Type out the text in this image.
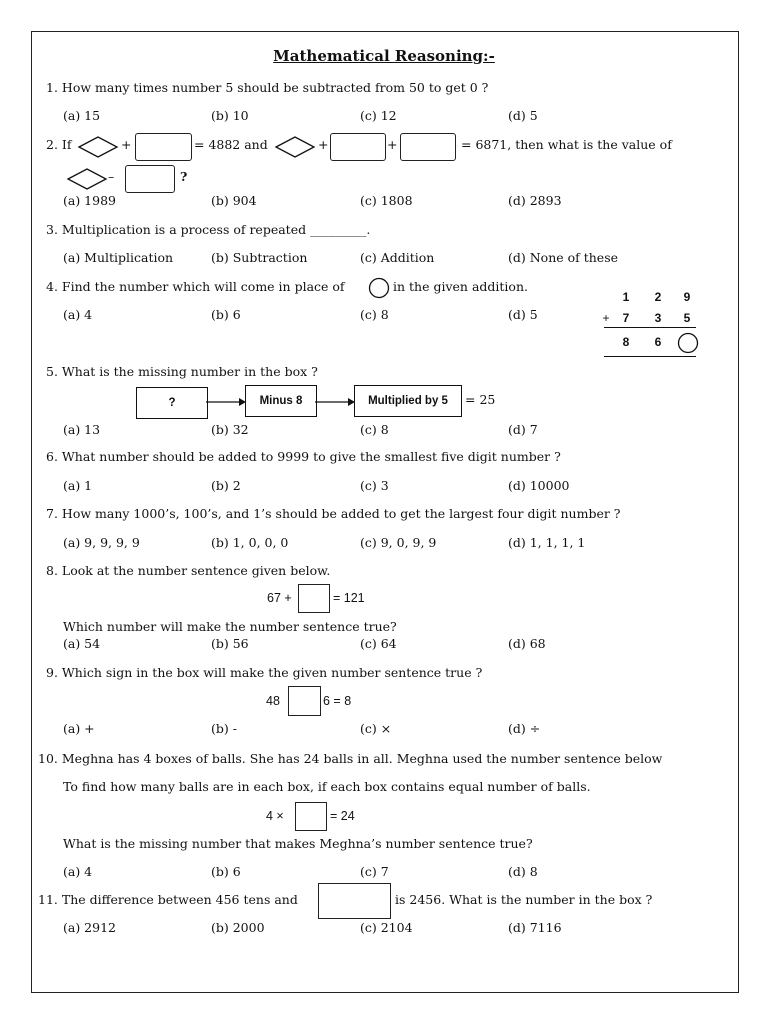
Mathematical Reasoning:-
1. How many times number 5 should be subtracted from 50 to get 0 ?
(a) 15	(b) 10	(c) 12	(d) 5
2. If	+	= 4882 and	+	+	= 6871, then what is the value of
–	?
(a) 1989	(b) 904	(c) 1808	(d) 2893
3. Multiplication is a process of repeated _________.
(a) Multiplication	(b) Subtraction	(c) Addition	(d) None of these
4. Find the number which will come in place of	in the given addition.
(a) 4	(b) 6	(c) 8	(d) 5
1	2	9
+	7	3	5
8	6
5. What is the missing number in the box ?
?	Minus 8	Multiplied by 5	= 25
(a) 13	(b) 32	(c) 8	(d) 7
6. What number should be added to 9999 to give the smallest five digit number ?
(a) 1	(b) 2	(c) 3	(d) 10000
7. How many 1000’s, 100’s, and 1’s should be added to get the largest four digit number ?
(a) 9, 9, 9, 9	(b) 1, 0, 0, 0	(c) 9, 0, 9, 9	(d) 1, 1, 1, 1
8. Look at the number sentence given below.
67 +	= 121
Which number will make the number sentence true?
(a) 54	(b) 56	(c) 64	(d) 68
9. Which sign in the box will make the given number sentence true ?
48	6 = 8
(a) +	(b) -	(c) ×	(d) ÷
10. Meghna has 4 boxes of balls. She has 24 balls in all. Meghna used the number sentence below
To find how many balls are in each box, if each box contains equal number of balls.
4 ×	= 24
What is the missing number that makes Meghna’s number sentence true?
(a) 4	(b) 6	(c) 7	(d) 8
11. The difference between 456 tens and	is 2456. What is the number in the box ?
(a) 2912	(b) 2000	(c) 2104	(d) 7116
